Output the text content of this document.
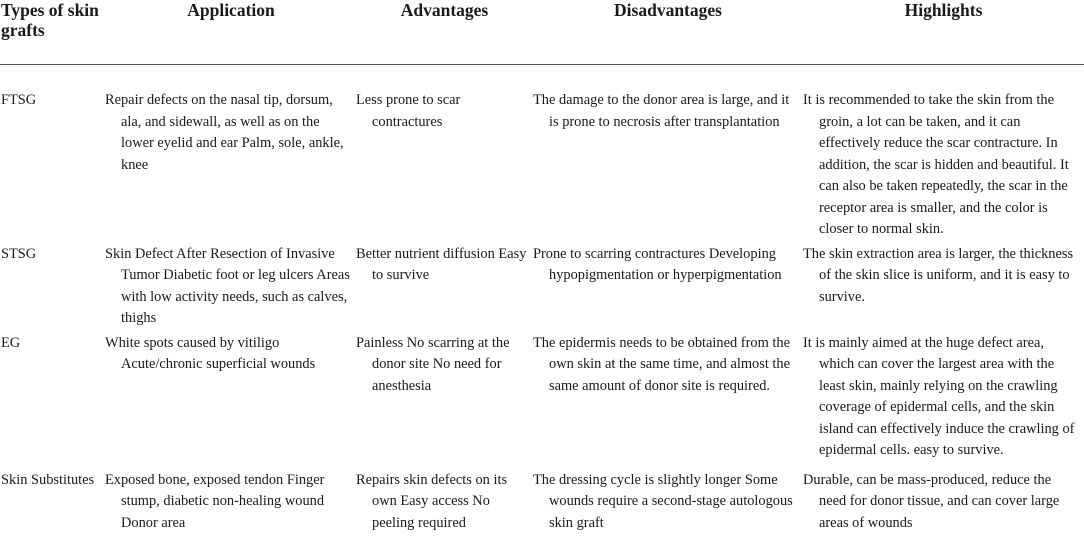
Types of skin grafts	Application	Advantages	Disadvantages	Highlights
FTSG	Repair defects on the nasal tip, dorsum, ala, and sidewall, as well as on the lower eyelid and ear Palm, sole, ankle, knee	Less prone to scar contractures	The damage to the donor area is large, and it is prone to necrosis after transplantation	It is recommended to take the skin from the groin, a lot can be taken, and it can effectively reduce the scar contracture. In addition, the scar is hidden and beautiful. It can also be taken repeatedly, the scar in the receptor area is smaller, and the color is closer to normal skin.

STSG	Skin Defect After Resection of Invasive Tumor Diabetic foot or leg ulcers Areas with low activity needs, such as calves, thighs	Better nutrient diffusion Easy to survive	Prone to scarring contractures Developing hypopigmentation or hyperpigmentation	The skin extraction area is larger, the thickness of the skin slice is uniform, and it is easy to survive.

EG	White spots caused by vitiligo Acute/chronic superficial wounds	Painless No scarring at the donor site No need for anesthesia	The epidermis needs to be obtained from the own skin at the same time, and almost the same amount of donor site is required.	It is mainly aimed at the huge defect area, which can cover the largest area with the least skin, mainly relying on the crawling coverage of epidermal cells, and the skin island can effectively induce the crawling of epidermal cells. easy to survive.

Skin Substitutes	Exposed bone, exposed tendon Finger stump, diabetic non-healing wound Donor area	Repairs skin defects on its own Easy access No peeling required	The dressing cycle is slightly longer Some wounds require a second-stage autologous skin graft	Durable, can be mass-produced, reduce the need for donor tissue, and can cover large areas of wounds
